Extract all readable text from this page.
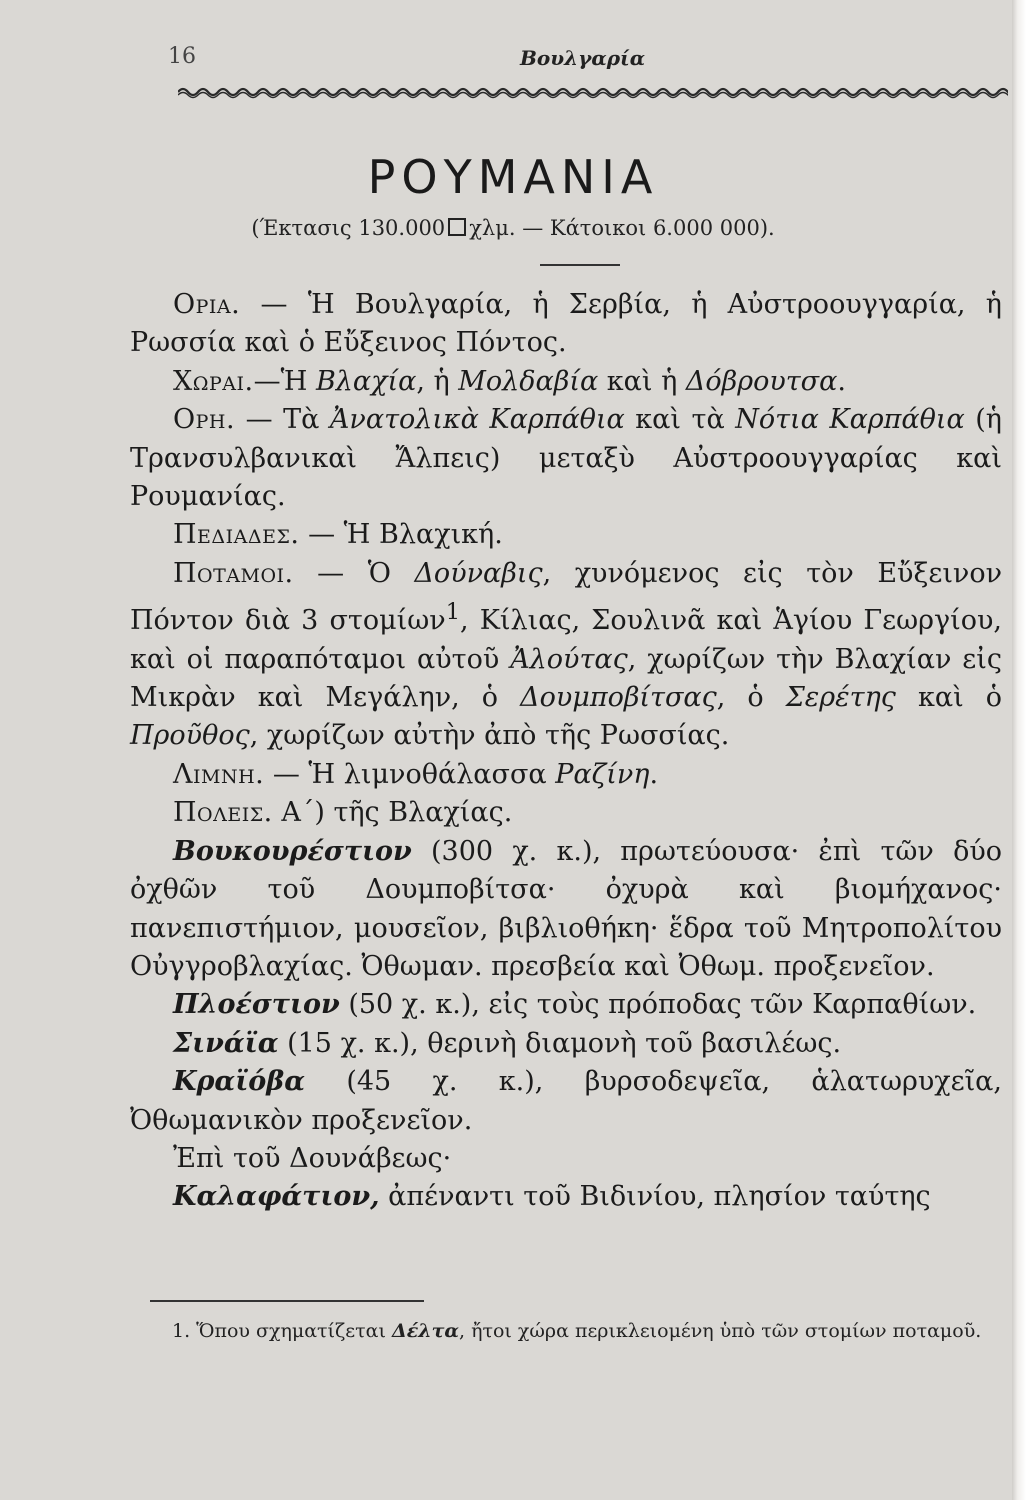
16	Βουλγαρία
ΡΟΥΜΑΝΙΑ
(Έκτασις 130.000 χλμ. — Κάτοικοι 6.000 000).

Ορια. — Ἡ Βουλγαρία, ἡ Σερβία, ἡ Αὐστροουγγαρία, ἡ Ρωσσία καὶ ὁ Εὔξεινος Πόντος.

Χωραι.—Ἡ Βλαχία, ἡ Μολδαβία καὶ ἡ Δόβρουτσα.

Ορη. — Τὰ Ἀνατολικὰ Καρπάθια καὶ τὰ Νότια Καρπάθια (ἡ Τρανσυλβανικαὶ Ἄλπεις) μεταξὺ Αὐστροουγγαρίας καὶ Ρουμανίας.

Πεδιαδες. — Ἡ Βλαχική.

Ποταμοι. — Ὁ Δούναβις, χυνόμενος εἰς τὸν Εὔξεινον Πόντον διὰ 3 στομίων$^1$, Κίλιας, Σουλινᾶ καὶ Ἁγίου Γεωργίου, καὶ οἱ παραπόταμοι αὐτοῦ Ἀλούτας, χωρίζων τὴν Βλαχίαν εἰς Μικρὰν καὶ Μεγάλην, ὁ Δουμποβίτσας, ὁ Σερέτης καὶ ὁ Προῦθος, χωρίζων αὐτὴν ἀπὸ τῆς Ρωσσίας.

Λιμνη. — Ἡ λιμνοθάλασσα Ραζίνη.

Πολεις. Α΄) τῆς Βλαχίας.

Βουκουρέστιον (300 χ. κ.), πρωτεύουσα· ἐπὶ τῶν δύο ὀχθῶν τοῦ Δουμποβίτσα· ὀχυρὰ καὶ βιομήχανος· πανεπιστήμιον, μουσεῖον, βιβλιοθήκη· ἕδρα τοῦ Μητροπολίτου Οὐγγροβλαχίας. Ὀθωμαν. πρεσβεία καὶ Ὀθωμ. προξενεῖον.

Πλοέστιον (50 χ. κ.), εἰς τοὺς πρόποδας τῶν Καρπαθίων.

Σινάϊα (15 χ. κ.), θερινὴ διαμονὴ τοῦ βασιλέως.

Κραϊόβα (45 χ. κ.), βυρσοδεψεῖα, ἁλατωρυχεῖα, Ὀθωμανικὸν προξενεῖον.

Ἐπὶ τοῦ Δουνάβεως·

Καλαφάτιον, ἀπέναντι τοῦ Βιδινίου, πλησίον ταύτης

1. Ὅπου σχηματίζεται Δέλτα, ἤτοι χώρα περικλειομένη ὑπὸ τῶν στομίων ποταμοῦ.
